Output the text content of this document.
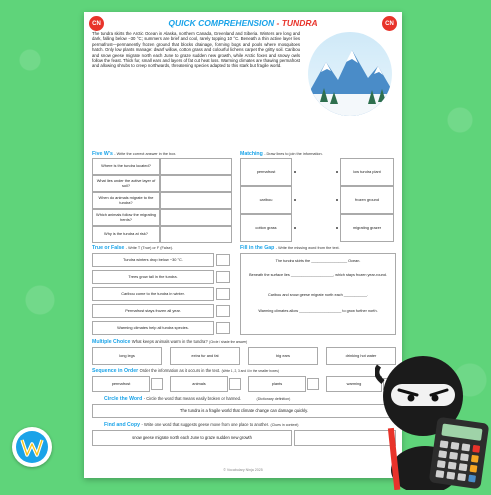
CN	CN
QUICK COMPREHENSION - TUNDRA
The tundra skirts the Arctic Ocean in Alaska, northern Canada, Greenland and Siberia. Winters are long and dark, falling below −30 °C; summers are brief and cool, rarely topping 10 °C. Beneath a thin active layer lies permafrost—permanently frozen ground that blocks drainage, forming bogs and pools where mosquitoes hatch. Only low plants manage: dwarf willow, cotton grass and colourful lichens carpet the gritty soil. Caribou and snow geese migrate north each June to graze sudden new growth, while Arctic foxes and snowy owls follow the feast. Thick fur, small ears and layers of fat cut heat loss. Warming climates are thawing permafrost and allowing shrubs to creep northwards, threatening species adapted to this stark but fragile world.
Five W's - Write the correct answer in the box.
Where is the tundra located?
What lies under the active layer of soil?
When do animals migrate to the tundra?
Which animals follow the migrating herds?
Why is the tundra at risk?
Matching - Draw lines to join the information.
permafrost
caribou
cotton grass
low tundra plant
frozen ground
migrating grazer
True or False - Write T (True) or F (False).
Tundra winters drop below −30 °C.
Trees grow tall in the tundra.
Caribou come to the tundra in winter.
Permafrost stays frozen all year.
Warming climates help all tundra species.
Fill in the Gap - Write the missing word from the text.
The tundra skirts the _________________ Ocean.
Beneath the surface lies ____________________, which stays frozen year-round.
Caribou and snow geese migrate north each ___________.
Warming climates allow ____________________ to grow further north.
Multiple Choice What keeps animals warm in the tundra? (Circle / shade the answer)
long legs	extra fur and fat	big ears	drinking hot water
Sequence in Order Order the information as it occurs in the text. (Write 1, 2, 3 and 4 in the smaller boxes)
permafrost	animals	plants	warming
Circle the Word - Circle the word that means easily broken or harmed.	(Dictionary definition)
The tundra is a fragile world that climate change can damage quickly.
Find and Copy - Write one word that suggests geese move from one place to another. (Clues in context)
snow geese migrate north each June to graze sudden new growth
© Vocabulary Ninja 2025
